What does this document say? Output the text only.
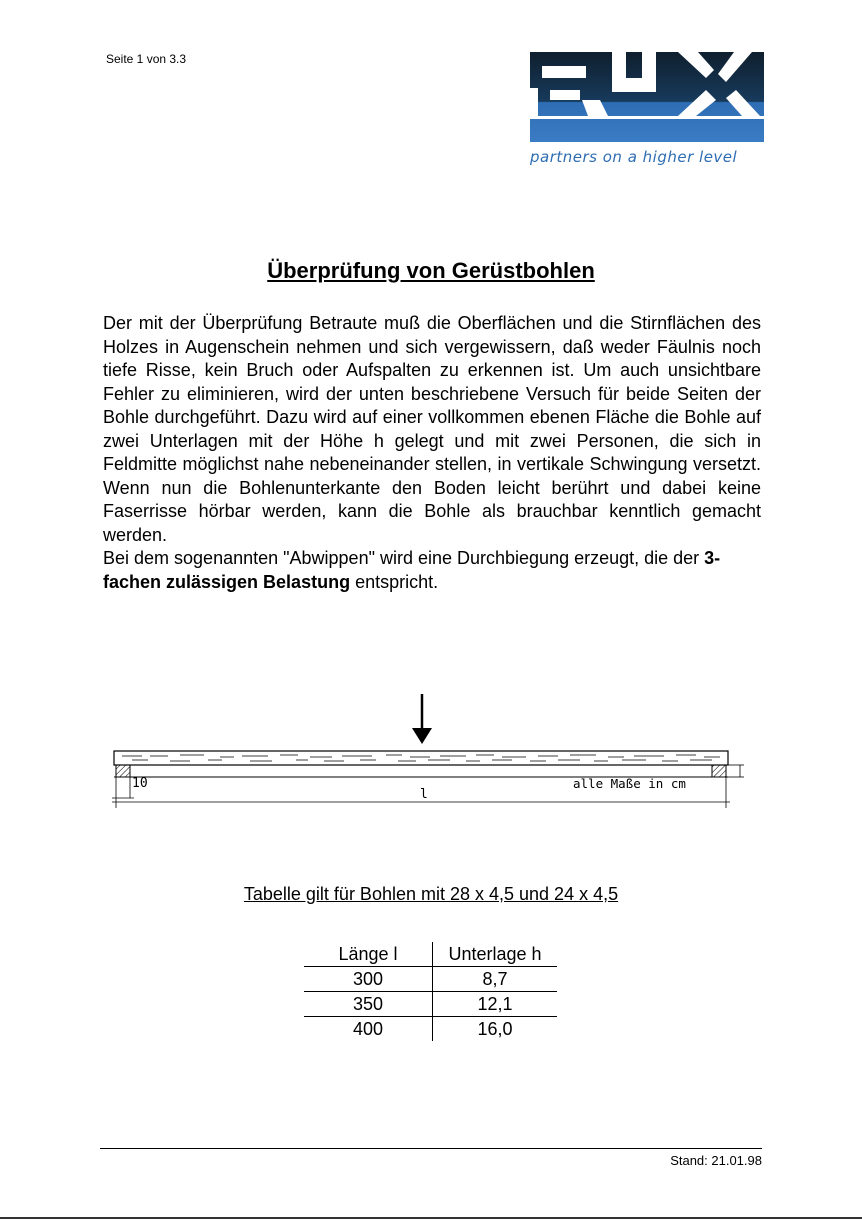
Seite 1 von 3.3
partners on a higher level
Überprüfung von Gerüstbohlen

Der mit der Überprüfung Betraute muß die Oberflächen und die Stirnflächen des Holzes in Augenschein nehmen und sich vergewissern, daß weder Fäulnis noch tiefe Risse, kein Bruch oder Aufspalten zu erkennen ist. Um auch unsichtbare Fehler zu eliminieren, wird der unten beschriebene Versuch für beide Seiten der Bohle durchgeführt. Dazu wird auf einer vollkommen ebenen Fläche die Bohle auf zwei Unterlagen mit der Höhe h gelegt und mit zwei Personen, die sich in Feldmitte möglichst nahe nebeneinander stellen, in vertikale Schwingung versetzt. Wenn nun die Bohlenunterkante den Boden leicht berührt und dabei keine Faserrisse hörbar werden, kann die Bohle als brauchbar kenntlich gemacht werden.

Bei dem sogenannten "Abwippen" wird eine Durchbiegung erzeugt, die der 3-fachen zulässigen Belastung entspricht.

10
l
alle Maße in cm
Tabelle gilt für Bohlen mit 28 x 4,5 und 24 x 4,5
Länge l	Unterlage h
300	8,7
350	12,1
400	16,0
Stand: 21.01.98
